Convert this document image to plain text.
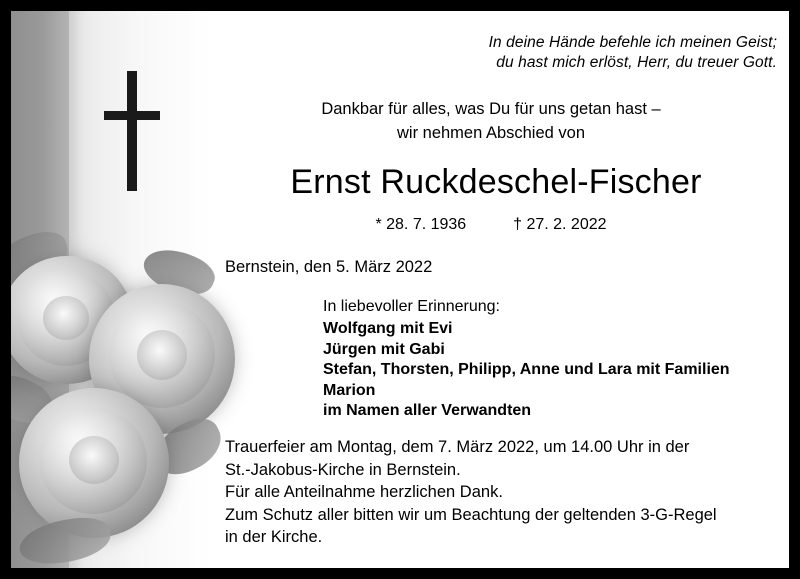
In deine Hände befehle ich meinen Geist;
du hast mich erlöst, Herr, du treuer Gott.
Dankbar für alles, was Du für uns getan hast –
wir nehmen Abschied von
Ernst Ruckdeschel-Fischer
* 28. 7. 1936	† 27. 2. 2022
Bernstein, den 5. März 2022
In liebevoller Erinnerung:
Wolfgang mit Evi
Jürgen mit Gabi
Stefan, Thorsten, Philipp, Anne und Lara mit Familien
Marion
im Namen aller Verwandten
Trauerfeier am Montag, dem 7. März 2022, um 14.00 Uhr in der
St.-Jakobus-Kirche in Bernstein.
Für alle Anteilnahme herzlichen Dank.
Zum Schutz aller bitten wir um Beachtung der geltenden 3-G-Regel
in der Kirche.
